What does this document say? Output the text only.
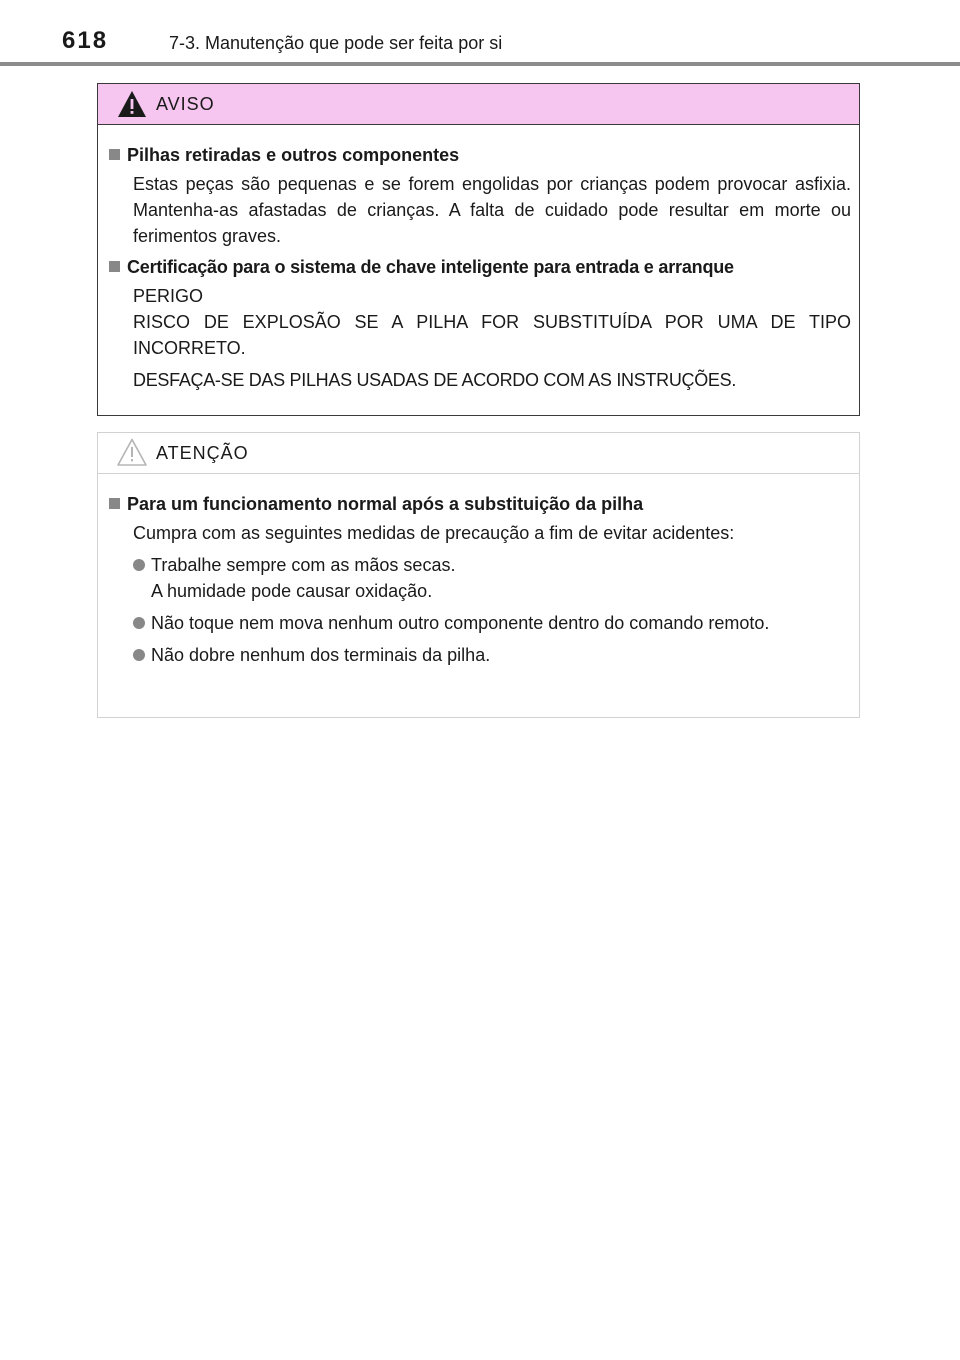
618	7-3. Manutenção que pode ser feita por si
AVISO
Pilhas retiradas e outros componentes

Estas peças são pequenas e se forem engolidas por crianças podem provocar asfixia. Mantenha-as afastadas de crianças. A falta de cuidado pode resultar em morte ou ferimentos graves.

Certificação para o sistema de chave inteligente para entrada e arranque

PERIGO

RISCO DE EXPLOSÃO SE A PILHA FOR SUBSTITUÍDA POR UMA DE TIPO INCORRETO.

DESFAÇA-SE DAS PILHAS USADAS DE ACORDO COM AS INSTRUÇÕES.

ATENÇÃO
Para um funcionamento normal após a substituição da pilha

Cumpra com as seguintes medidas de precaução a fim de evitar acidentes:

Trabalhe sempre com as mãos secas.
A humidade pode causar oxidação.
Não toque nem mova nenhum outro componente dentro do comando remoto.
Não dobre nenhum dos terminais da pilha.
